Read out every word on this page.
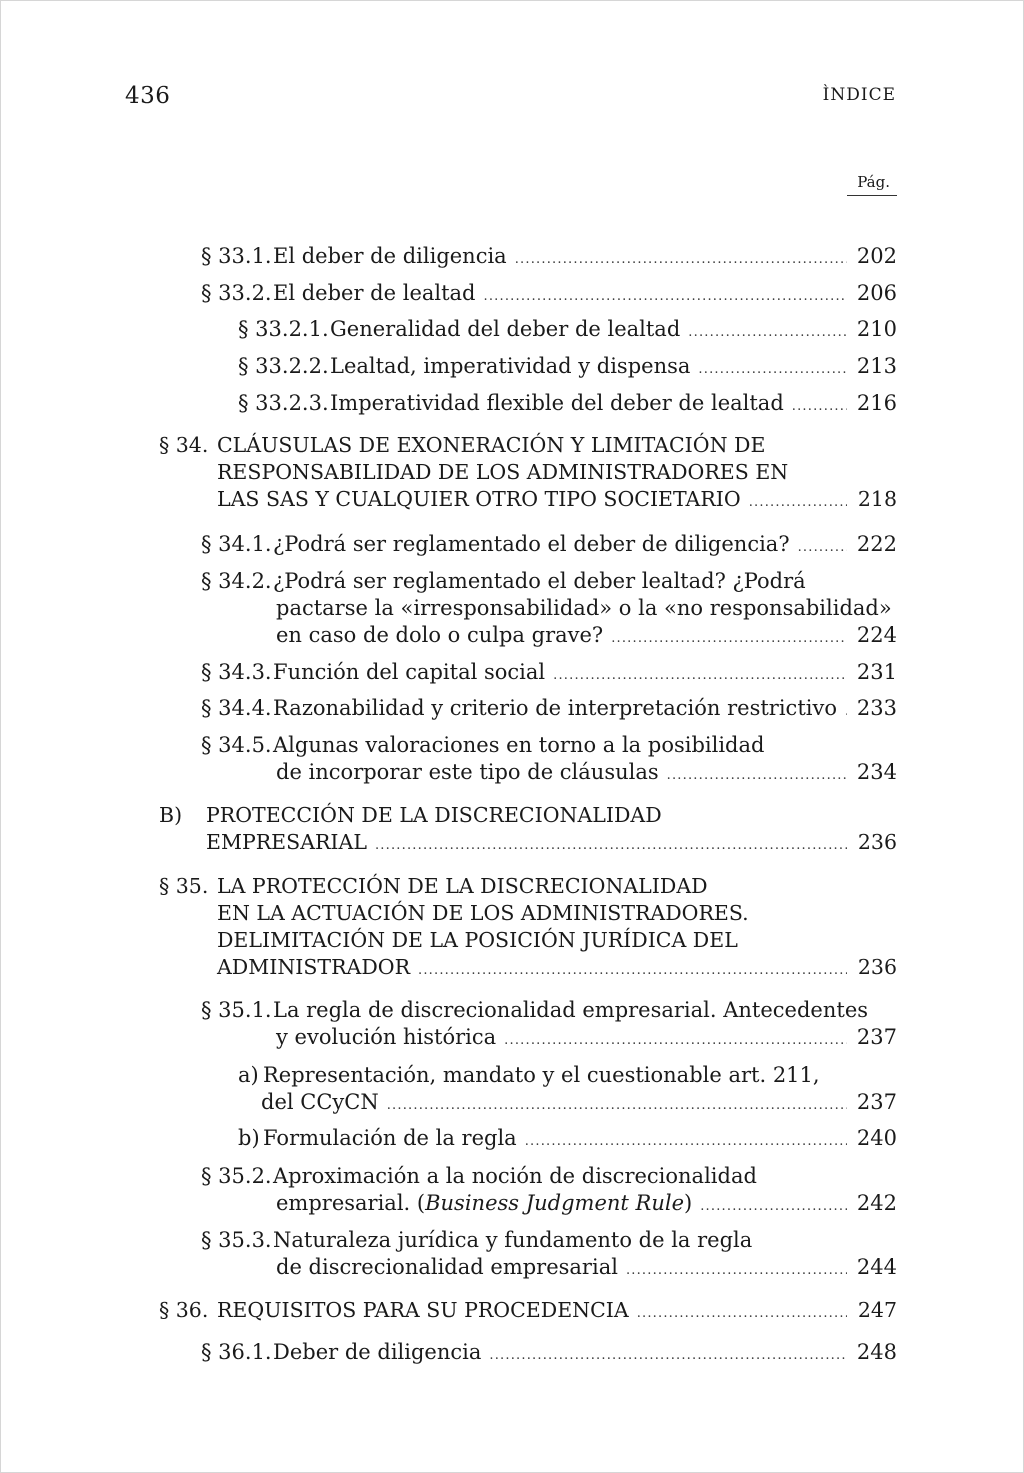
436	ÌNDICE
Pág.
§ 33.1. El deber de diligencia .....	202
§ 33.2. El deber de lealtad .....	206
§ 33.2.1. Generalidad del deber de lealtad .....	210
§ 33.2.2. Lealtad, imperatividad y dispensa .....	213
§ 33.2.3. Imperatividad flexible del deber de lealtad .....	216
§ 34. CLÁUSULAS DE EXONERACIÓN Y LIMITACIÓN DE
RESPONSABILIDAD DE LOS ADMINISTRADORES EN
LAS SAS Y CUALQUIER OTRO TIPO SOCIETARIO .....	218
§ 34.1. ¿Podrá ser reglamentado el deber de diligencia? .....	222
§ 34.2. ¿Podrá ser reglamentado el deber lealtad? ¿Podrá
pactarse la «irresponsabilidad» o la «no responsabilidad»
en caso de dolo o culpa grave? .....	224
§ 34.3. Función del capital social .....	231
§ 34.4. Razonabilidad y criterio de interpretación restrictivo ..... 233
§ 34.5. Algunas valoraciones en torno a la posibilidad
de incorporar este tipo de cláusulas .....	234
B) PROTECCIÓN DE LA DISCRECIONALIDAD
EMPRESARIAL .....	236
§ 35. LA PROTECCIÓN DE LA DISCRECIONALIDAD
EN LA ACTUACIÓN DE LOS ADMINISTRADORES.
DELIMITACIÓN DE LA POSICIÓN JURÍDICA DEL
ADMINISTRADOR .....	236
§ 35.1. La regla de discrecionalidad empresarial. Antecedentes
y evolución histórica .....	237
a) Representación, mandato y el cuestionable art. 211,
del CCyCN .....	237
b) Formulación de la regla .....	240
§ 35.2. Aproximación a la noción de discrecionalidad
empresarial. (Business Judgment Rule) .....	242
§ 35.3. Naturaleza jurídica y fundamento de la regla
de discrecionalidad empresarial .....	244
§ 36. REQUISITOS PARA SU PROCEDENCIA .....	247
§ 36.1. Deber de diligencia .....	248
